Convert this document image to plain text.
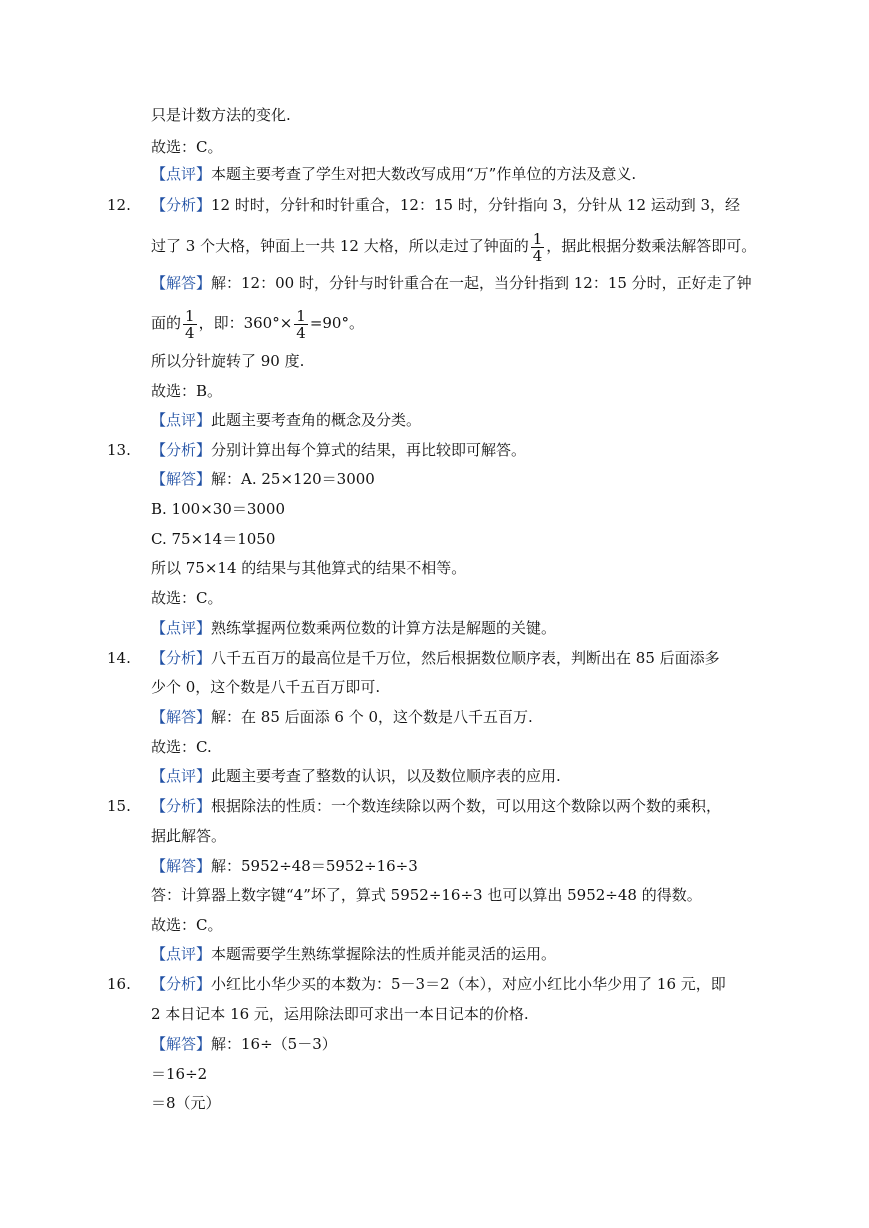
只是计数方法的变化.
故选：C。
【点评】本题主要考查了学生对把大数改写成用“万”作单位的方法及意义.
12. 【分析】12 时时，分针和时针重合，12：15 时，分针指向 3，分针从 12 运动到 3，经
过了 3 个大格，钟面上一共 12 大格，所以走过了钟面的 $\frac{1}{4}$ ，据此根据分数乘法解答即可。
【解答】解：12：00 时，分针与时针重合在一起，当分针指到 12：15 分时，正好走了钟
面的 $\frac{1}{4}$ ，即：$360^\circ\times \frac{1}{4} =90^\circ$。
所以分针旋转了 90 度.
故选：B。
【点评】此题主要考查角的概念及分类。
13. 【分析】分别计算出每个算式的结果，再比较即可解答。
【解答】解：A. 25×120＝3000
B. 100×30＝3000
C. 75×14＝1050
所以 75×14 的结果与其他算式的结果不相等。
故选：C。
【点评】熟练掌握两位数乘两位数的计算方法是解题的关键。
14. 【分析】八千五百万的最高位是千万位，然后根据数位顺序表，判断出在 85 后面添多
少个 0，这个数是八千五百万即可.
【解答】解：在 85 后面添 6 个 0，这个数是八千五百万.
故选：C.
【点评】此题主要考查了整数的认识，以及数位顺序表的应用.
15. 【分析】根据除法的性质：一个数连续除以两个数，可以用这个数除以两个数的乘积，
据此解答。
【解答】解：5952÷48＝5952÷16÷3
答：计算器上数字键“4”坏了，算式 5952÷16÷3 也可以算出 5952÷48 的得数。
故选：C。
【点评】本题需要学生熟练掌握除法的性质并能灵活的运用。
16. 【分析】小红比小华少买的本数为：5－3＝2（本），对应小红比小华少用了 16 元，即
2 本日记本 16 元，运用除法即可求出一本日记本的价格.
【解答】解：16÷（5－3）
＝16÷2
＝8（元）
